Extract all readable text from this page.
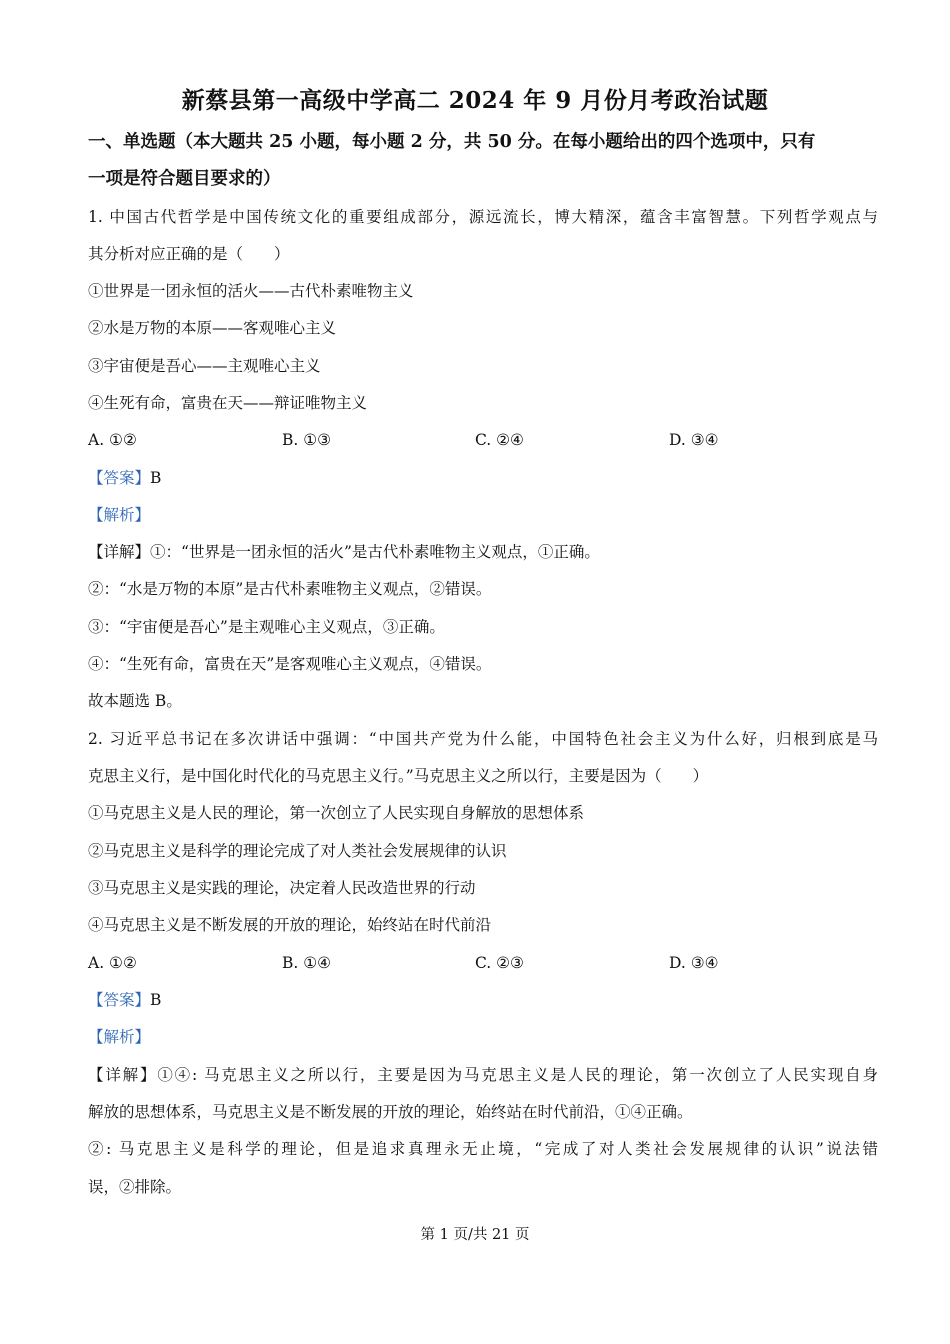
新蔡县第一高级中学高二 2024 年 9 月份月考政治试题
一、单选题（本大题共 25 小题，每小题 2 分，共 50 分。在每小题给出的四个选项中，只有
一项是符合题目要求的）
1. 中国古代哲学是中国传统文化的重要组成部分，源远流长，博大精深，蕴含丰富智慧。下列哲学观点与
其分析对应正确的是（　　）
①世界是一团永恒的活火——古代朴素唯物主义
②水是万物的本原——客观唯心主义
③宇宙便是吾心——主观唯心主义
④生死有命，富贵在天——辩证唯物主义
A. ①②	B. ①③	C. ②④	D. ③④
【答案】B
【解析】
【详解】①：“世界是一团永恒的活火”是古代朴素唯物主义观点，①正确。
②：“水是万物的本原”是古代朴素唯物主义观点，②错误。
③：“宇宙便是吾心”是主观唯心主义观点，③正确。
④：“生死有命，富贵在天”是客观唯心主义观点，④错误。
故本题选 B。
2. 习近平总书记在多次讲话中强调：“中国共产党为什么能，中国特色社会主义为什么好，归根到底是马
克思主义行，是中国化时代化的马克思主义行。”马克思主义之所以行，主要是因为（　　）
①马克思主义是人民的理论，第一次创立了人民实现自身解放的思想体系
②马克思主义是科学的理论完成了对人类社会发展规律的认识
③马克思主义是实践的理论，决定着人民改造世界的行动
④马克思主义是不断发展的开放的理论，始终站在时代前沿
A. ①②	B. ①④	C. ②③	D. ③④
【答案】B
【解析】
【详解】①④: 马克思主义之所以行，主要是因为马克思主义是人民的理论，第一次创立了人民实现自身
解放的思想体系，马克思主义是不断发展的开放的理论，始终站在时代前沿，①④正确。
②: 马克思主义是科学的理论，但是追求真理永无止境，“完成了对人类社会发展规律的认识”说法错
误，②排除。
第 1 页/共 21 页
